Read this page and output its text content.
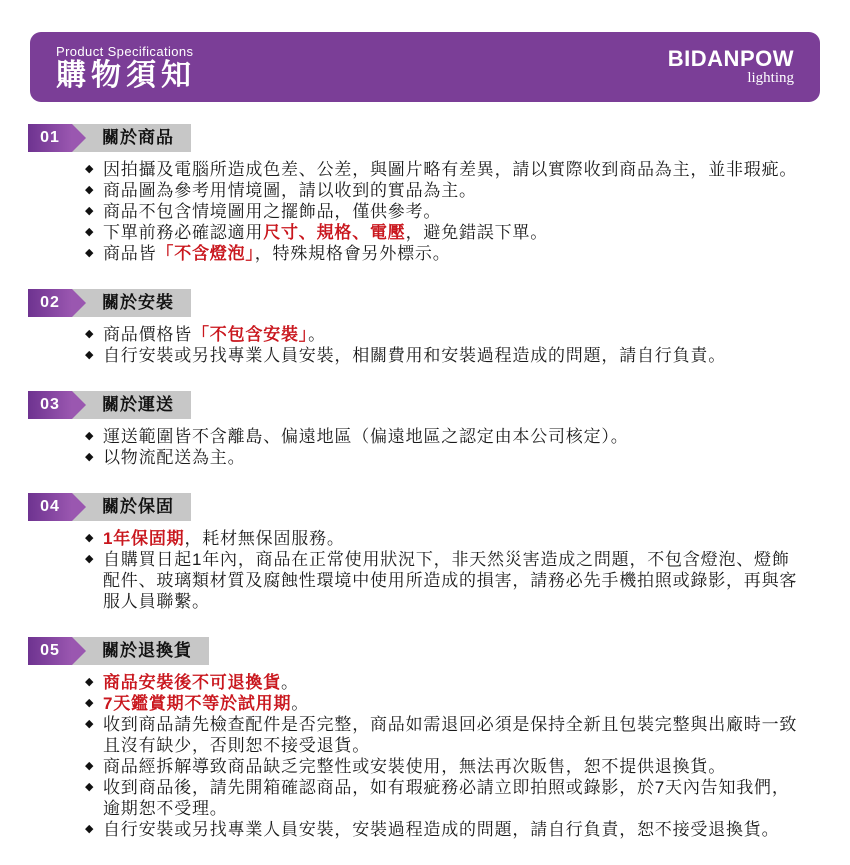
Product Specifications
購物須知
BIDANPOW
lighting
01	關於商品
◆ 因拍攝及電腦所造成色差、公差，與圖片略有差異，請以實際收到商品為主，並非瑕疵。
◆ 商品圖為參考用情境圖，請以收到的實品為主。
◆ 商品不包含情境圖用之擺飾品，僅供參考。
◆ 下單前務必確認適用尺寸、規格、電壓，避免錯誤下單。
◆ 商品皆「不含燈泡」，特殊規格會另外標示。
02	關於安裝
◆ 商品價格皆「不包含安裝」。
◆ 自行安裝或另找專業人員安裝，相關費用和安裝過程造成的問題，請自行負責。
03	關於運送
◆ 運送範圍皆不含離島、偏遠地區（偏遠地區之認定由本公司核定）。
◆ 以物流配送為主。
04	關於保固
◆ 1年保固期，耗材無保固服務。
◆ 自購買日起1年內，商品在正常使用狀況下，非天然災害造成之問題，不包含燈泡、燈飾
配件、玻璃類材質及腐蝕性環境中使用所造成的損害，請務必先手機拍照或錄影，再與客
服人員聯繫。
05	關於退換貨
◆ 商品安裝後不可退換貨。
◆ 7天鑑賞期不等於試用期。
◆ 收到商品請先檢查配件是否完整，商品如需退回必須是保持全新且包裝完整與出廠時一致
且沒有缺少，否則恕不接受退貨。
◆ 商品經拆解導致商品缺乏完整性或安裝使用，無法再次販售，恕不提供退換貨。
◆ 收到商品後，請先開箱確認商品，如有瑕疵務必請立即拍照或錄影，於7天內告知我們，
逾期恕不受理。
◆ 自行安裝或另找專業人員安裝，安裝過程造成的問題，請自行負責，恕不接受退換貨。
